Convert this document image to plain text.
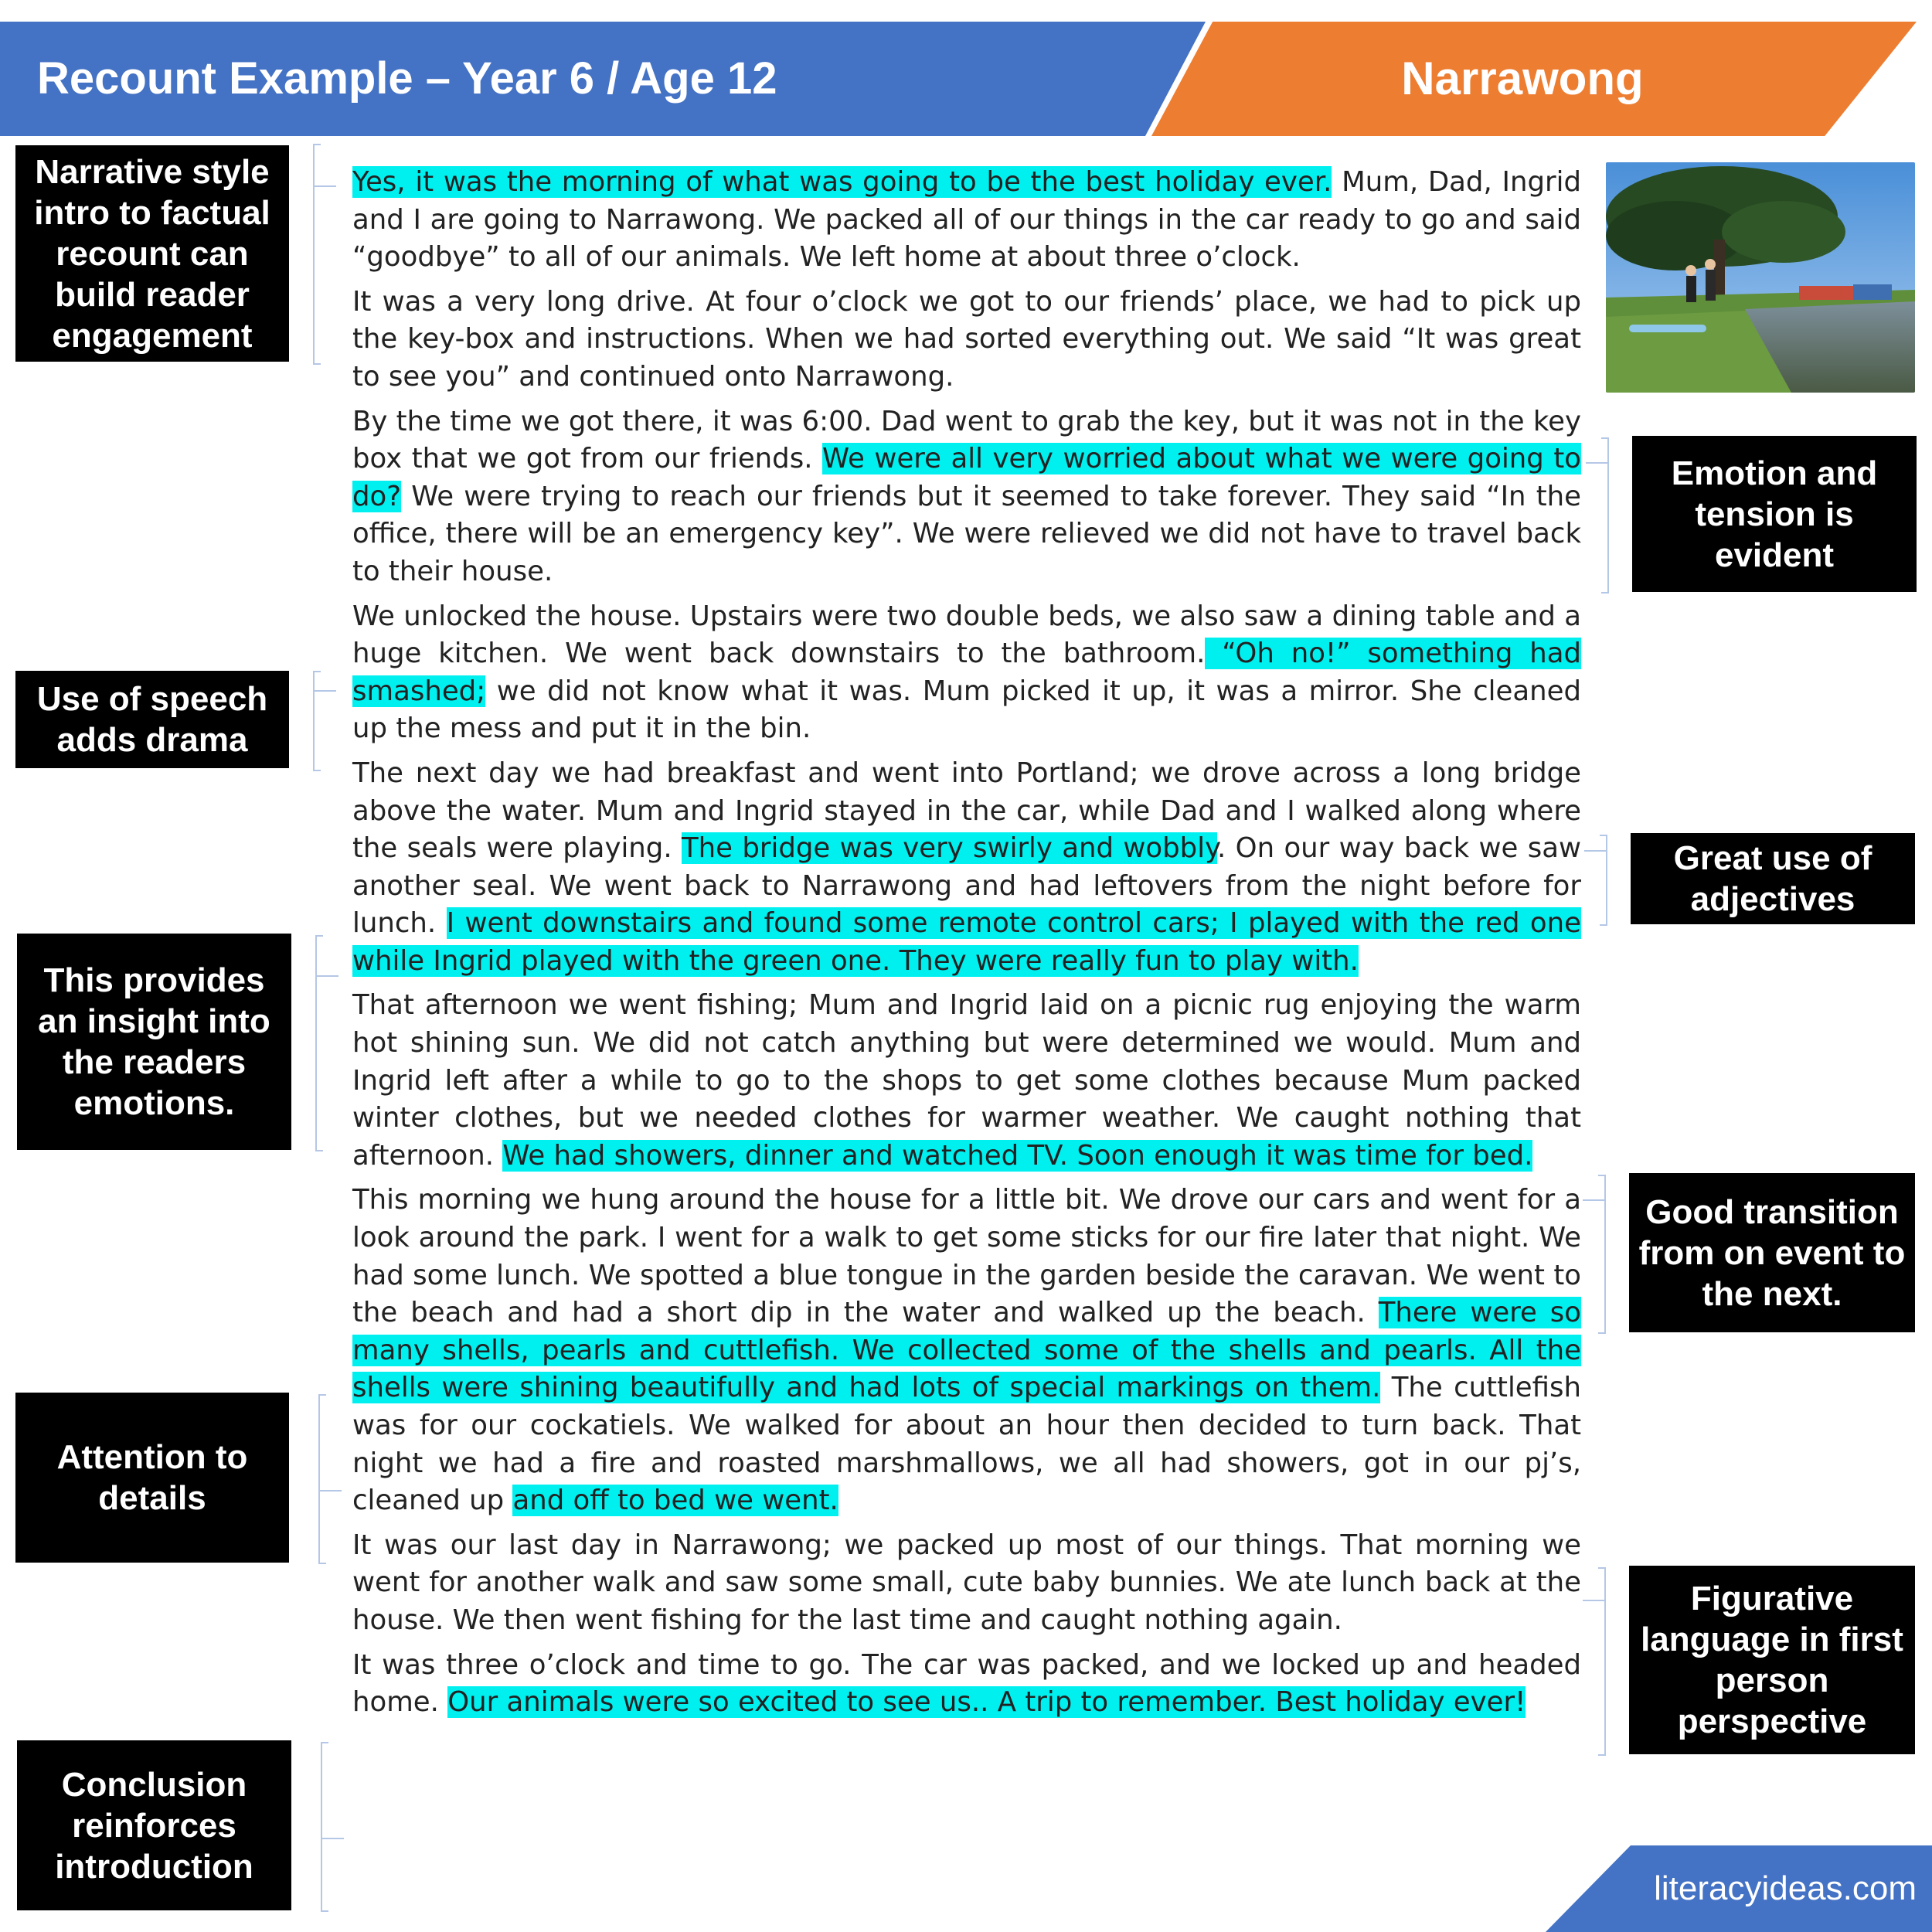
Recount Example – Year 6 / Age 12	Narrawong
Narrative style intro to factual recount can build reader engagement
Use of speech adds drama
This provides an insight into the readers emotions.
Attention to details
Conclusion reinforces introduction
Emotion and tension is evident
Great use of adjectives
Good transition from on event to the next.
Figurative language in first person perspective

Yes, it was the morning of what was going to be the best holiday ever. Mum, Dad, Ingrid and I are going to Narrawong. We packed all of our things in the car ready to go and said “goodbye” to all of our animals. We left home at about three o’clock.

It was a very long drive. At four o’clock we got to our friends’ place, we had to pick up the key-box and instructions. When we had sorted everything out. We said “It was great to see you” and continued onto Narrawong.

By the time we got there, it was 6:00. Dad went to grab the key, but it was not in the key box that we got from our friends. We were all very worried about what we were going to do? We were trying to reach our friends but it seemed to take forever. They said “In the office, there will be an emergency key”. We were relieved we did not have to travel back to their house.

We unlocked the house. Upstairs were two double beds, we also saw a dining table and a huge kitchen. We went back downstairs to the bathroom. “Oh no!” something had smashed; we did not know what it was. Mum picked it up, it was a mirror. She cleaned up the mess and put it in the bin.

The next day we had breakfast and went into Portland; we drove across a long bridge above the water. Mum and Ingrid stayed in the car, while Dad and I walked along where the seals were playing. The bridge was very swirly and wobbly. On our way back we saw another seal. We went back to Narrawong and had leftovers from the night before for lunch. I went downstairs and found some remote control cars; I played with the red one while Ingrid played with the green one. They were really fun to play with.

That afternoon we went fishing; Mum and Ingrid laid on a picnic rug enjoying the warm hot shining sun. We did not catch anything but were determined we would. Mum and Ingrid left after a while to go to the shops to get some clothes because Mum packed winter clothes, but we needed clothes for warmer weather. We caught nothing that afternoon. We had showers, dinner and watched TV. Soon enough it was time for bed.

This morning we hung around the house for a little bit. We drove our cars and went for a look around the park. I went for a walk to get some sticks for our fire later that night. We had some lunch. We spotted a blue tongue in the garden beside the caravan. We went to the beach and had a short dip in the water and walked up the beach. There were so many shells, pearls and cuttlefish. We collected some of the shells and pearls. All the shells were shining beautifully and had lots of special markings on them. The cuttlefish was for our cockatiels. We walked for about an hour then decided to turn back. That night we had a fire and roasted marshmallows, we all had showers, got in our pj’s, cleaned up and off to bed we went.

It was our last day in Narrawong; we packed up most of our things. That morning we went for another walk and saw some small, cute baby bunnies. We ate lunch back at the house. We then went fishing for the last time and caught nothing again.

It was three o’clock and time to go. The car was packed, and we locked up and headed home. Our animals were so excited to see us.. A trip to remember. Best holiday ever!

literacyideas.com
